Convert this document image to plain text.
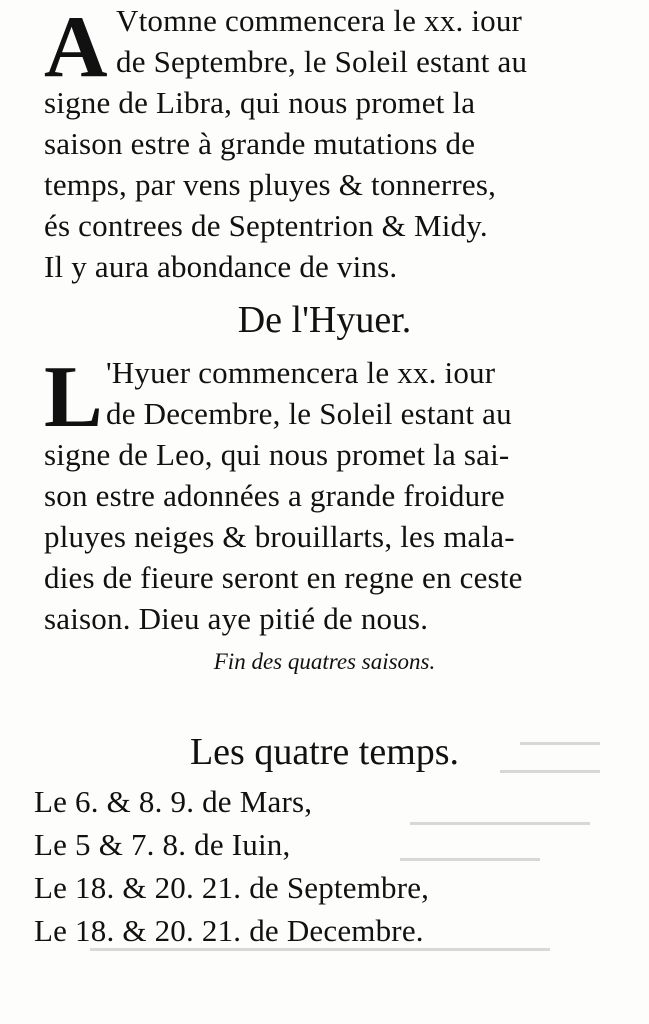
A Vtomne commencera le xx. iour
de Septembre, le Soleil estant au
signe de Libra, qui nous promet la
saison estre à grande mutations de
temps, par vens pluyes & tonnerres,
és contrees de Septentrion & Midy.
Il y aura abondance de vins.
De l'Hyuer.
L 'Hyuer commencera le xx. iour
de Decembre, le Soleil estant au
signe de Leo, qui nous promet la sai-
son estre adonnées a grande froidure
pluyes neiges & brouillarts, les mala-
dies de fieure seront en regne en ceste
saison. Dieu aye pitié de nous.
Fin des quatres saisons.
Les quatre temps.
Le 6. & 8. 9. de Mars,
Le 5 & 7. 8. de Iuin,
Le 18. & 20. 21. de Septembre,
Le 18. & 20. 21. de Decembre.
